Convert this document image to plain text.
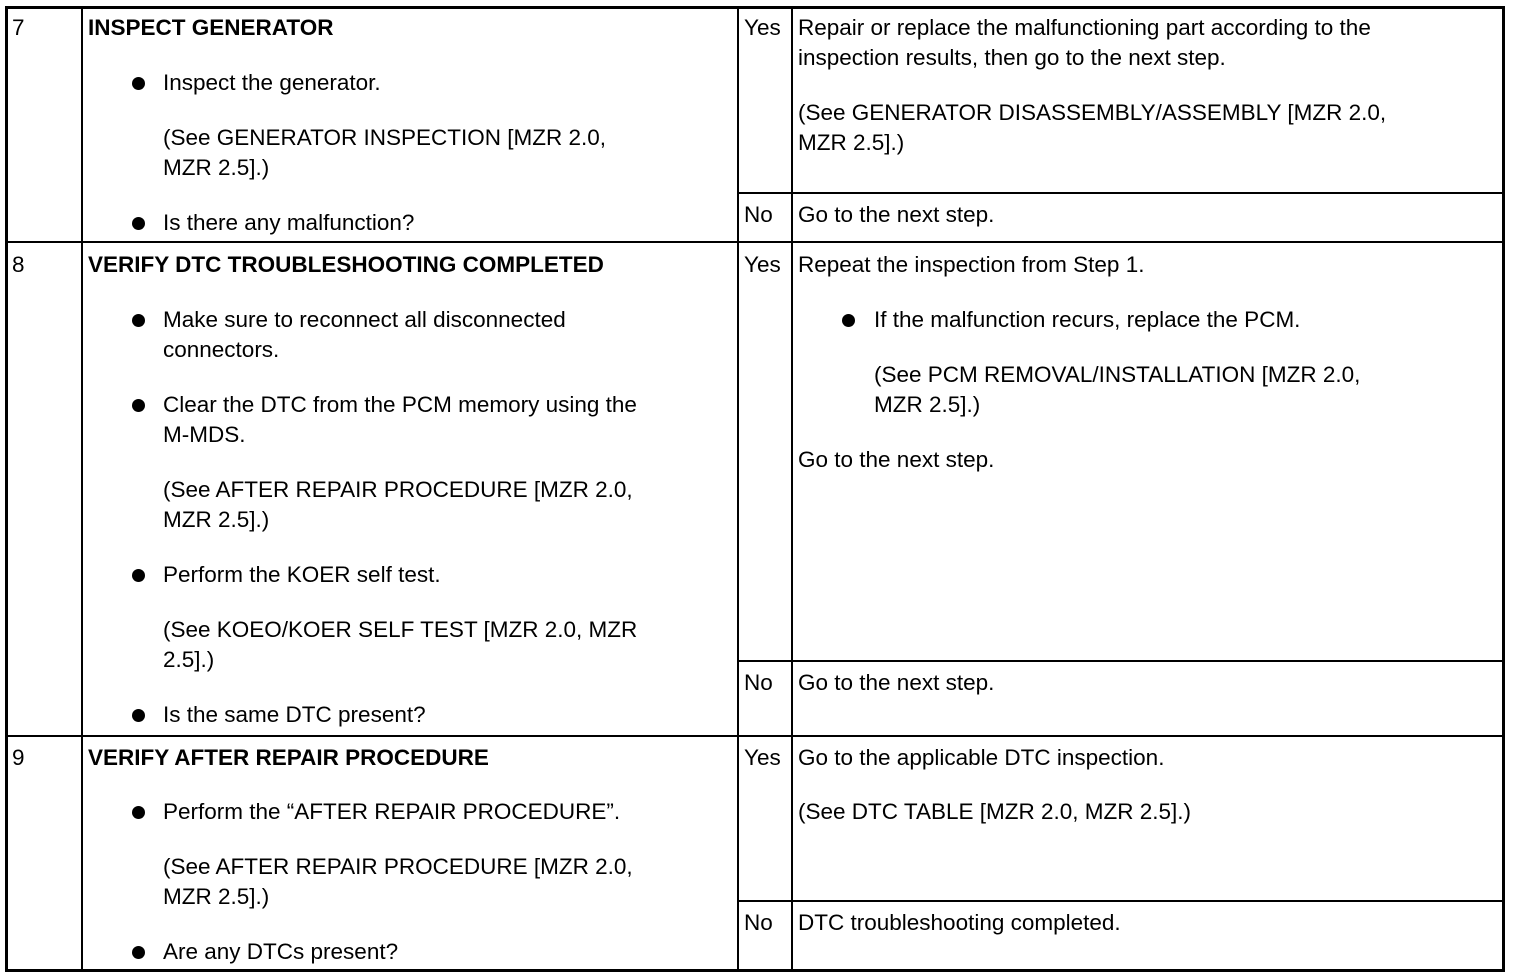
7	INSPECT GENERATOR
Inspect the generator.
(See GENERATOR INSPECTION [MZR 2.0,
MZR 2.5].)
Is there any malfunction?
Yes Repair or replace the malfunctioning part according to the
inspection results, then go to the next step.
(See GENERATOR DISASSEMBLY/ASSEMBLY [MZR 2.0,
MZR 2.5].)
No Go to the next step.
8	VERIFY DTC TROUBLESHOOTING COMPLETED
Make sure to reconnect all disconnected
connectors.
Clear the DTC from the PCM memory using the
M-MDS.
(See AFTER REPAIR PROCEDURE [MZR 2.0,
MZR 2.5].)
Perform the KOER self test.
(See KOEO/KOER SELF TEST [MZR 2.0, MZR
2.5].)
Is the same DTC present?
Yes Repeat the inspection from Step 1.
If the malfunction recurs, replace the PCM.
(See PCM REMOVAL/INSTALLATION [MZR 2.0,
MZR 2.5].)
Go to the next step.
No Go to the next step.
9	VERIFY AFTER REPAIR PROCEDURE
Perform the “AFTER REPAIR PROCEDURE”.
(See AFTER REPAIR PROCEDURE [MZR 2.0,
MZR 2.5].)
Are any DTCs present?
Yes Go to the applicable DTC inspection.
(See DTC TABLE [MZR 2.0, MZR 2.5].)
No DTC troubleshooting completed.
